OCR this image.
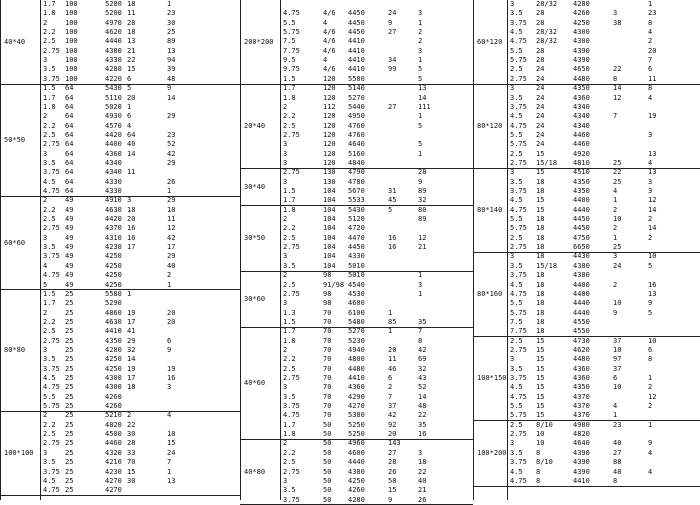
1.7	100	5200 18	1
1.8	100	5200 11	23
2	100	4970 28	30
2.2	100	4620 18	25
2.5	100	4440 13	89
2.75 100	4380 21	13
3	100	4330 22	94
3.5	100	4280 15	39
3.75 100	4220 6	48
40*40
1.5	64	5430 5	9
1.7	64	5110 20	14
1.8	64	5020 1
2	64	4930 6	29
2.2	64	4570 4
2.5	64	4420 64	23
2.75 64	4400 40	52
3	64	4360 14	42
3.5	64	4340	29
3.75 64	4340 11
4.5	64	4330	26
4.75 64	4330	1
50*50
2	49	4910 3	29
2.2	49	4630 18	10
2.5	49	4420 20	11
2.75 49	4370 16	12
3	49	4310 16	42
3.5	49	4230 17	17
3.75 49	4250	29
4	49	4250	40
4.75 49	4250	2
5	49	4250	1
60*60
1.5	25	5580 1
1.7	25	5290
2	25	4860 19	20
2.2	25	4630 17	20
2.5	25	4410 41
2.75 25	4350 29	6
3	25	4280 32	9
3.5	25	4250 14
3.75 25	4250 19	19
4.5	25	4300 17	16
4.75 25	4300 18	3
5.5	25	4260
5.75 25	4260
80*80
2	25	5210 2	4
2.2	25	4820 22
2.5	25	4500 30	10
2.75 25	4460 28	15
3	25	4320 33	24
3.5	25	4210 70	7
3.75 25	4230 15	1
4.5	25	4270 30	13
4.75 25	4270
100*100
4.75	4/6	4450	24	3
5.5	4	4450	9	1
5.75	4/6	4450	27	2
7.5	4/6	4410	2
7.75	4/6	4410	3
9.5	4	4410	34	1
9.75	4/6	4410	99	5
1.5	120	5500	5
200*200
1.7	120	5140	13
1.8	120	5270	14
2	112	5440	27	111
2.2	120	4950	1
2.5	120	4760	5
2.75	120	4760
3	120	4640	5
3	120	5160	1
3	120	4840
20*40
2.75	130	4790	28
3	130	4780	9
1.5	104	5670	31	89
1.7	104	5533	45	32
30*40
1.8	104	5430	5	80
2	104	5120	89
2.2	104	4720
2.5	104	4470	16	12
2.75	104	4450	16	21
3	104	4330
3.5	104	5010
30*50
2	98	5010	1
2.5	91/98 4540	3
2.75	98	4530	1
3	98	4600
1.3	70	6100	1
1.5	70	5480	85	35
30*60
1.7	70	5270	1	7
1.8	70	5230	8
2	70	4940	20	42
2.2	70	4800	11	69
2.5	70	4480	46	32
2.75	70	4410	6	43
3	70	4360	2	52
3.5	70	4290	7	14
3.75	70	4270	37	48
4.75	70	5380	42	22
1.7	50	5250	92	35
1.8	50	5250	20	16
40*60
2	50	4960	143
2.2	50	4600	27	3
2.5	50	4440	28	18
2.75	50	4380	26	22
3	50	4250	58	40
3.5	50	4260	15	21
3.75	50	4280	9	26
40*80
3	28/32	4280	1
3.5	28	4260	3	23
3.75	28	4250	38	8
4.5	28/32	4300	4
4.75	28/32	4300	2
5.5	28	4390	20
5.75	28	4390	7
2.5	24	4650	22	6
2.75	24	4480	8	11
60*120
3	24	4350	14	8
3.5	24	4360	12	4
3.75	24	4340
4.5	24	4340	7	19
4.75	24	4340
5.5	24	4460	3
5.75	24	4460
2.5	15	4920	13
2.75	15/18	4810	25	4
80*120
3	15	4510	22	13
3.5	18	4350	25	3
3.75	18	4350	4	3
4.5	15	4400	1	12
4.75	15	4440	2	14
5.5	18	4450	10	2
5.75	18	4450	2	14
2.5	18	4750	1	2
2.75	18	6650	25
80*140
3	18	4430	3	10
3.5	15/18	4380	24	5
3.75	18	4380
4.5	18	4400	2	16
4.75	18	4400	13
5.5	18	4440	10	9
5.75	18	4440	9	5
7.5	18	4550
7.75	18	4550
80*160
2.5	15	4730	37	10
2.75	15	4620	10	6
3	15	4480	97	8
3.5	15	4360	37
3.75	15	4360	6	1
4.5	15	4350	10	2
4.75	15	4370	12
5.5	15	4370	4	2
5.75	15	4370	1
100*150
2.5	8/10	4980	23	1
2.75	10	4820
3	10	4640	40	9
3.5	8	4390	27	4
3.75	8/10	4390	88
4.5	8	4390	48	4
4.75	8	4410	8
100*200
